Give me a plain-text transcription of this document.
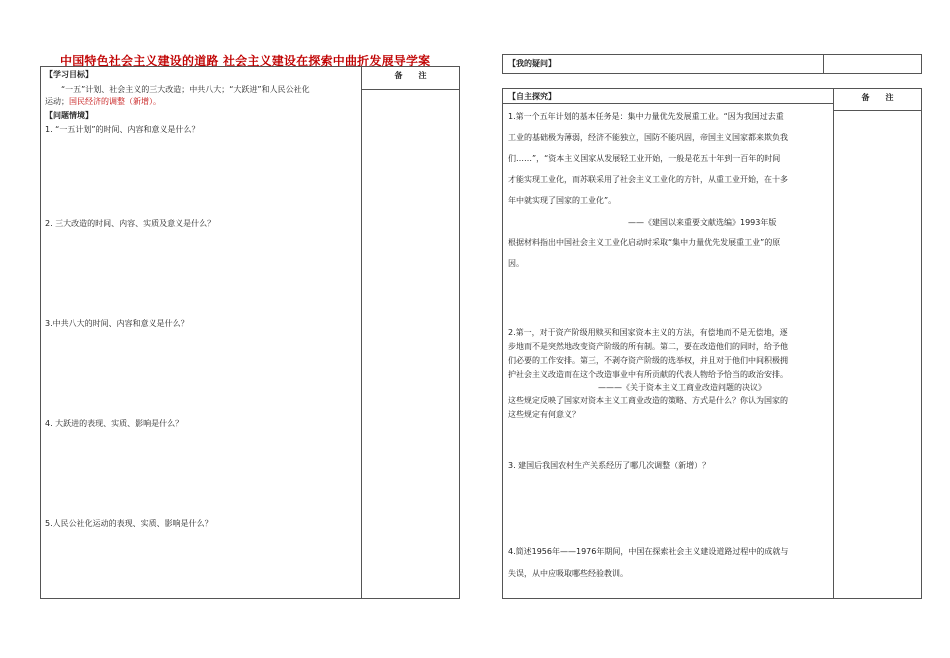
中国特色社会主义建设的道路 社会主义建设在探索中曲折发展导学案
【学习目标】	备　　注
“一五”计划、社会主义的三大改造；中共八大；“大跃进”和人民公社化
运动；国民经济的调整（新增）。
【问题情境】
1. “一五计划”的时间、内容和意义是什么？
2. 三大改造的时间、内容、实质及意义是什么？
3.中共八大的时间、内容和意义是什么？
4. 大跃进的表现、实质、影响是什么？
5.人民公社化运动的表现、实质、影响是什么？
【我的疑问】
【自主探究】	备　　注
1.第一个五年计划的基本任务是：集中力量优先发展重工业。“因为我国过去重
工业的基础极为薄弱，经济不能独立，国防不能巩固，帝国主义国家都来欺负我
们……”，“资本主义国家从发展轻工业开始，一般是花五十年到一百年的时间
才能实现工业化，而苏联采用了社会主义工业化的方针，从重工业开始，在十多
年中就实现了国家的工业化”。
——《建国以来重要文献选编》1993年版
根据材料指出中国社会主义工业化启动时采取“集中力量优先发展重工业”的原
因。
2.第一，对于资产阶级用赎买和国家资本主义的方法，有偿地而不是无偿地，逐
步地而不是突然地改变资产阶级的所有制。第二，要在改造他们的同时，给予他
们必要的工作安排。第三，不剥夺资产阶级的选举权，并且对于他们中间积极拥
护社会主义改造而在这个改造事业中有所贡献的代表人物给予恰当的政治安排。
———《关于资本主义工商业改造问题的决议》
这些规定反映了国家对资本主义工商业改造的策略、方式是什么？你认为国家的
这些规定有何意义？
3. 建国后我国农村生产关系经历了哪几次调整（新增）？
4.简述1956年——1976年期间，中国在探索社会主义建设道路过程中的成就与
失误，从中应吸取哪些经验教训。
